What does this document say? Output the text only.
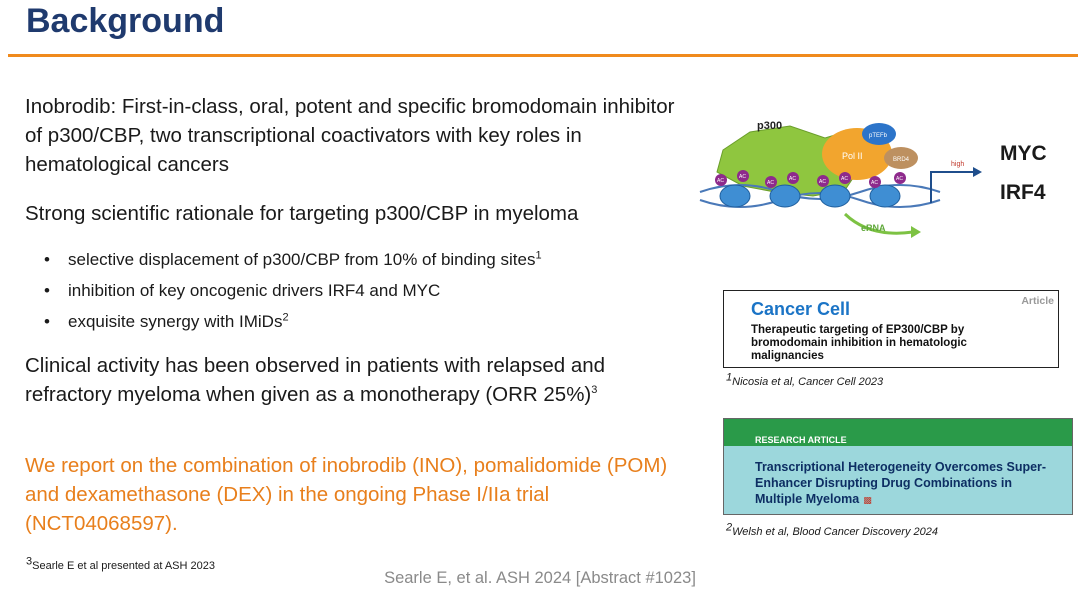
Background

Inobrodib: First-in-class, oral, potent and specific bromodomain inhibitor of p300/CBP, two transcriptional coactivators with key roles in hematological cancers

Strong scientific rationale for targeting p300/CBP in myeloma

• selective displacement of p300/CBP from 10% of binding sites$^1$
• inhibition of key oncogenic drivers IRF4 and MYC
• exquisite synergy with IMiDs$^2$

Clinical activity has been observed in patients with relapsed and refractory myeloma when given as a monotherapy (ORR 25%)$^3$

We report on the combination of inobrodib (INO), pomalidomide (POM) and dexamethasone (DEX) in the ongoing Phase I/IIa trial (NCT04068597).

$^3$Searle E et al presented at ASH 2023

Searle E, et al. ASH 2024 [Abstract #1023]

p300
Pol II
pTEFb
BRD4
AC
AC
AC
AC	AC	AC
AC
AC
high
eRNA
MYC
IRF4
Cancer Cell	Article
Therapeutic targeting of EP300/CBP by bromodomain inhibition in hematologic malignancies
$^1$Nicosia et al, Cancer Cell 2023
RESEARCH ARTICLE
Transcriptional Heterogeneity Overcomes Super-Enhancer Disrupting Drug Combinations in Multiple Myeloma ▩
$^2$Welsh et al, Blood Cancer Discovery 2024
